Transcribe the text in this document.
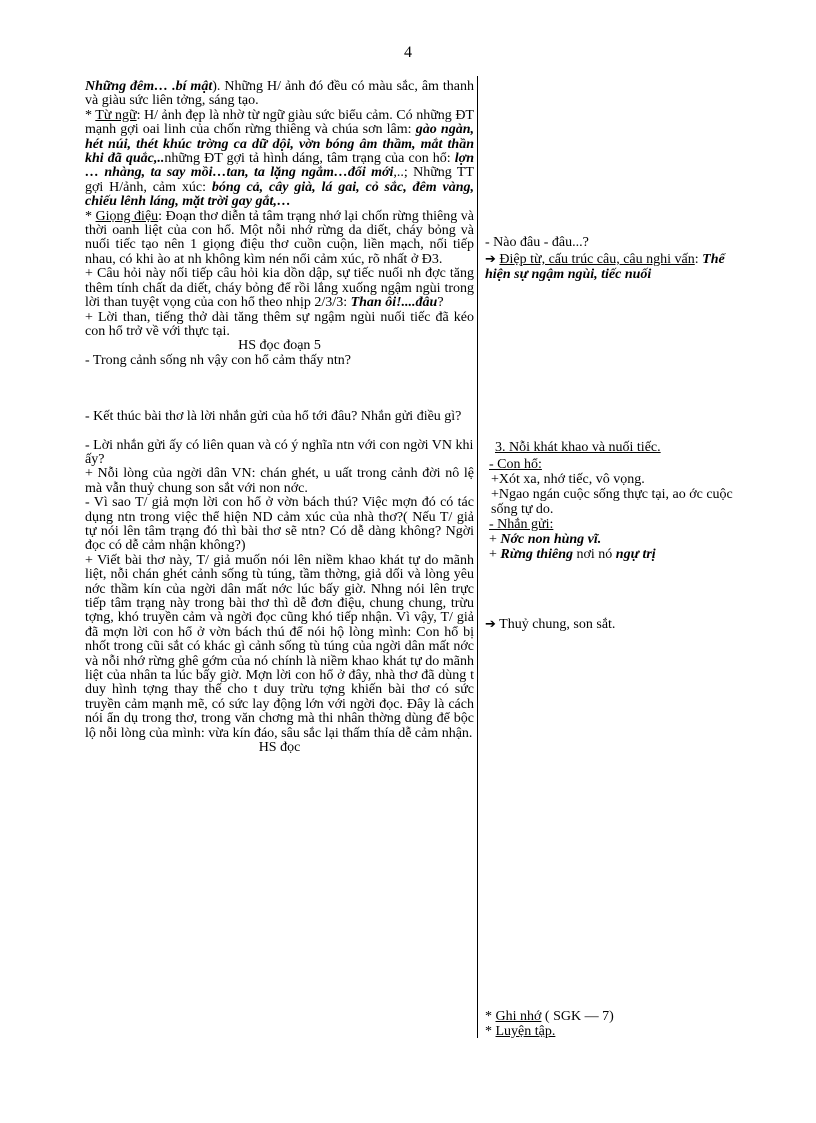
4

Những đêm… .bí mật). Những H/ ảnh đó đều có màu sắc, âm thanh và giàu sức liên tởng, sáng tạo.

* Từ ngữ: H/ ảnh đẹp là nhờ từ ngữ giàu sức biểu cảm. Có những ĐT mạnh gợi oai linh của chốn rừng thiêng và chúa sơn lâm: gào ngàn, hét núi, thét khúc trờng ca dữ dội, vờn bóng âm thầm, mắt thần khi đã quắc,..những ĐT gợi tả hình dáng, tâm trạng của con hổ: lợn … nhàng, ta say mồi…tan, ta lặng ngắm…đổi mới,..; Những TT gợi H/ảnh, cảm xúc: bóng cả, cây già, lá gai, cỏ sắc, đêm vàng, chiếu lênh láng, mặt trời gay gắt,…

* Giọng điệu: Đoạn thơ diễn tả tâm trạng nhớ lại chốn rừng thiêng và thời oanh liệt của con hổ. Một nỗi nhớ rừng da diết, cháy bỏng và nuối tiếc tạo nên 1 giọng điệu thơ cuồn cuộn, liền mạch, nối tiếp nhau, có khi ào at nh không kìm nén nổi cảm xúc, rõ nhất ở Đ3.

+ Câu hỏi này nối tiếp câu hỏi kia dồn dập, sự tiếc nuối nh đợc tăng thêm tính chất da diết, cháy bỏng để rồi lắng xuống ngậm ngùi trong lời than tuyệt vọng của con hổ theo nhịp 2/3/3: Than ôi!....đâu?

+ Lời than, tiếng thở dài tăng thêm sự ngậm ngùi nuối tiếc đã kéo con hổ trở về với thực tại.

HS đọc đoạn 5

- Trong cảnh sống nh vậy con hổ cảm thấy ntn?

- Kết thúc bài thơ là lời nhắn gửi của hổ tới đâu? Nhắn gửi điều gì?

- Lời nhắn gửi ấy có liên quan và có ý nghĩa ntn với con ngời VN khi ấy?

+ Nỗi lòng của ngời dân VN: chán ghét, u uất trong cảnh đời nô lệ mà vẫn thuỷ chung son sắt với non nớc.

- Vì sao T/ giả mợn lời con hổ ở vờn bách thú? Việc mợn đó có tác dụng ntn trong việc thể hiện ND cảm xúc của nhà thơ?( Nếu T/ giả tự nói lên tâm trạng đó thì bài thơ sẽ ntn? Có dễ dàng không? Ngời đọc có dễ cảm nhận không?)

+ Viết bài thơ này, T/ giả muốn nói lên niềm khao khát tự do mãnh liệt, nỗi chán ghét cảnh sống tù túng, tầm thờng, giả dối và lòng yêu nớc thầm kín của ngời dân mất nớc lúc bấy giờ. Nhng nói lên trực tiếp tâm trạng này trong bài thơ thì dễ đơn điệu, chung chung, trừu tợng, khó truyền cảm và ngời đọc cũng khó tiếp nhận. Vì vậy, T/ giả đã mợn lời con hổ ở vờn bách thú để nói hộ lòng mình: Con hổ bị nhốt trong cũi sắt có khác gì cảnh sống tù túng của ngời dân mất nớc và nỗi nhớ rừng ghê gớm của nó chính là niềm khao khát tự do mãnh liệt của nhân ta lúc bấy giờ. Mợn lời con hổ ở đây, nhà thơ đã dùng t duy hình tợng thay thế cho t duy trừu tợng khiến bài thơ có sức truyền cảm mạnh mẽ, có sức lay động lớn với ngời đọc. Đây là cách nói ẩn dụ trong thơ, trong văn chơng mà thi nhân thờng dùng để bộc lộ nỗi lòng của mình: vừa kín đáo, sâu sắc lại thấm thía dễ cảm nhận.

HS đọc

- Nào đâu - đâu...?

➔ Điệp từ, cấu trúc câu, câu nghi vấn: Thể hiện sự ngậm ngùi, tiếc nuối

3. Nỗi khát khao và nuối tiếc.

- Con hổ:

+Xót xa, nhớ tiếc, vô vọng.

+Ngao ngán cuộc sống thực tại, ao ớc cuộc sống tự do.

- Nhắn gửi:

+ Nớc non hùng vĩ.

+ Rừng thiêng nơi nó ngự trị

➔ Thuỷ chung, son sắt.

* Ghi nhớ ( SGK — 7)

* Luyện tập.
